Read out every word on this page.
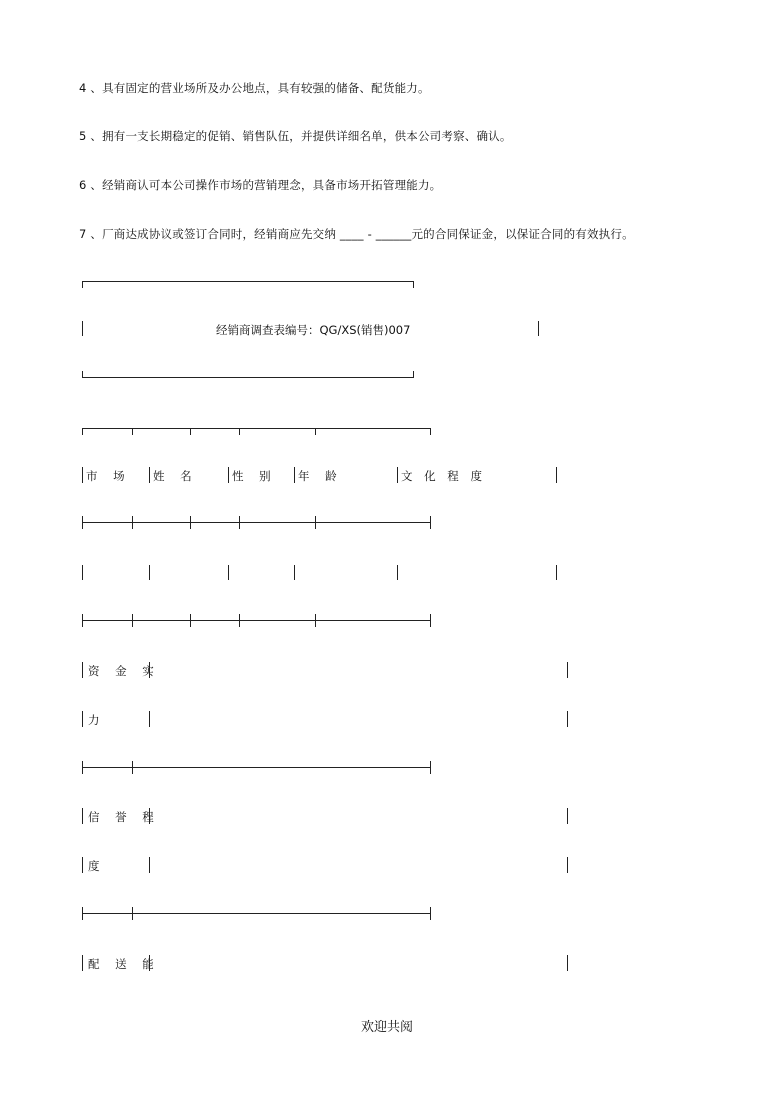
4 、具有固定的营业场所及办公地点，具有较强的储备、配货能力。
5 、拥有一支长期稳定的促销、销售队伍，并提供详细名单，供本公司考察、确认。
6 、经销商认可本公司操作市场的营销理念，具备市场开拓管理能力。
7 、厂商达成协议或签订合同时，经销商应先交纳 ____ - ______元的合同保证金，以保证合同的有效执行。
经销商调查表编号：QG/XS(销售)007
市 场 姓 名	性 别 年 龄	文 化 程 度
资 金 实
力
信 誉 程
度
配 送 能
欢迎共阅
